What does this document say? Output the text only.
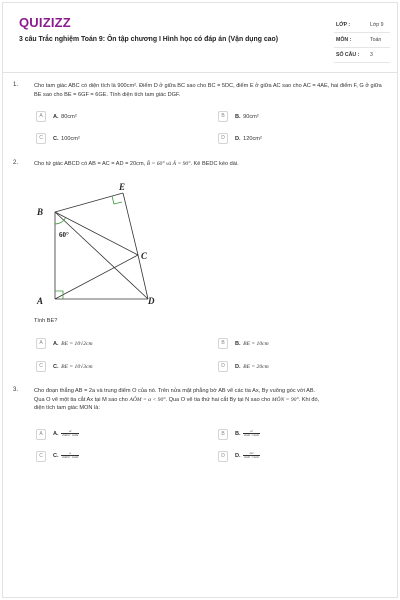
QUIZIZZ
3 câu Trắc nghiệm Toán 9: Ôn tập chương I Hình học có đáp án (Vận dụng cao)
LỚP :	Lớp 9
MÔN :	Toán
SỐ CÂU : 3
1.	Cho tam giác ABC có diện tích là 900cm². Điểm D ở giữa BC sao cho BC = 5DC, điểm E ở giữa AC sao cho AC = 4AE, hai điểm F, G ở giữa BE sao cho BE = 6GF = 6GE. Tính diện tích tam giác DGF.
A	A. 80cm²	B	B. 90cm²
C	C. 100cm²	D	D. 120cm²
2.	Cho tứ giác ABCD có AB = AC = AD = 20cm, B̂ = 60° và Â = 90°. Kẻ BEDC kéo dài.
B
A
C
D
E
60°
Tính BE?
A	A. BE = 10√2cm	B	B. BE = 10cm
C	C. BE = 10√3cm	D	D. BE = 20cm
3.	Cho đoạn thẳng AB = 2a và trung điểm O của nó. Trên nửa mặt phẳng bờ AB vẽ các tia Ax, By vuông góc với AB.
Qua O vẽ một tia cắt Ax tại M sao cho AÔM = α < 90°. Qua O vẽ tia thứ hai cắt By tại N sao cho MÔN = 90°. Khi đó,
diện tích tam giác MON là:
A	A. $\frac{\text{a²}}{\text{2sin²α · cos²α}}$	B	B. $\frac{\text{a²}}{\text{sin²α · cos²α}}$
C	C. $\frac{a}{\text{2sin²α · cos²α}}$	D	D. $\frac{\text{2a²}}{\text{sin²α · cos²α}}$
